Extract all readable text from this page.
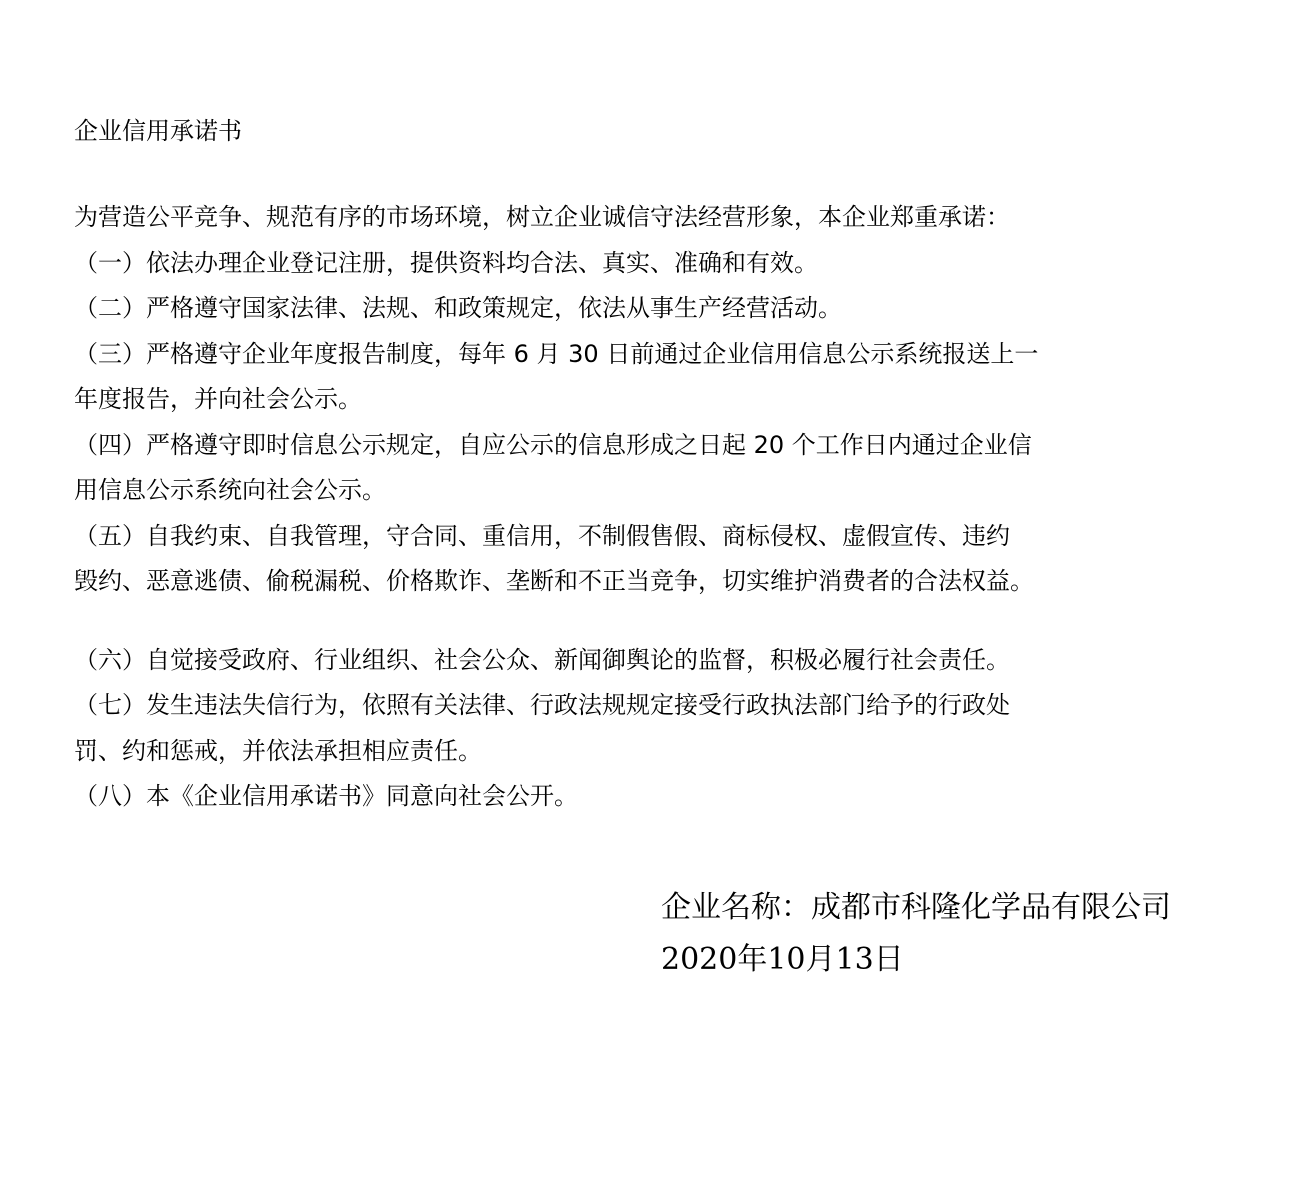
企业信用承诺书
为营造公平竞争、规范有序的市场环境，树立企业诚信守法经营形象，本企业郑重承诺：
（一）依法办理企业登记注册，提供资料均合法、真实、准确和有效。
（二）严格遵守国家法律、法规、和政策规定，依法从事生产经营活动。
（三）严格遵守企业年度报告制度，每年 6 月 30 日前通过企业信用信息公示系统报送上一
年度报告，并向社会公示。
（四）严格遵守即时信息公示规定，自应公示的信息形成之日起 20 个工作日内通过企业信
用信息公示系统向社会公示。
（五）自我约束、自我管理，守合同、重信用，不制假售假、商标侵权、虚假宣传、违约
毁约、恶意逃债、偷税漏税、价格欺诈、垄断和不正当竞争，切实维护消费者的合法权益。
（六）自觉接受政府、行业组织、社会公众、新闻御舆论的监督，积极必履行社会责任。
（七）发生违法失信行为，依照有关法律、行政法规规定接受行政执法部门给予的行政处
罚、约和惩戒，并依法承担相应责任。
（八）本《企业信用承诺书》同意向社会公开。
企业名称：成都市科隆化学品有限公司
2020年10月13日
